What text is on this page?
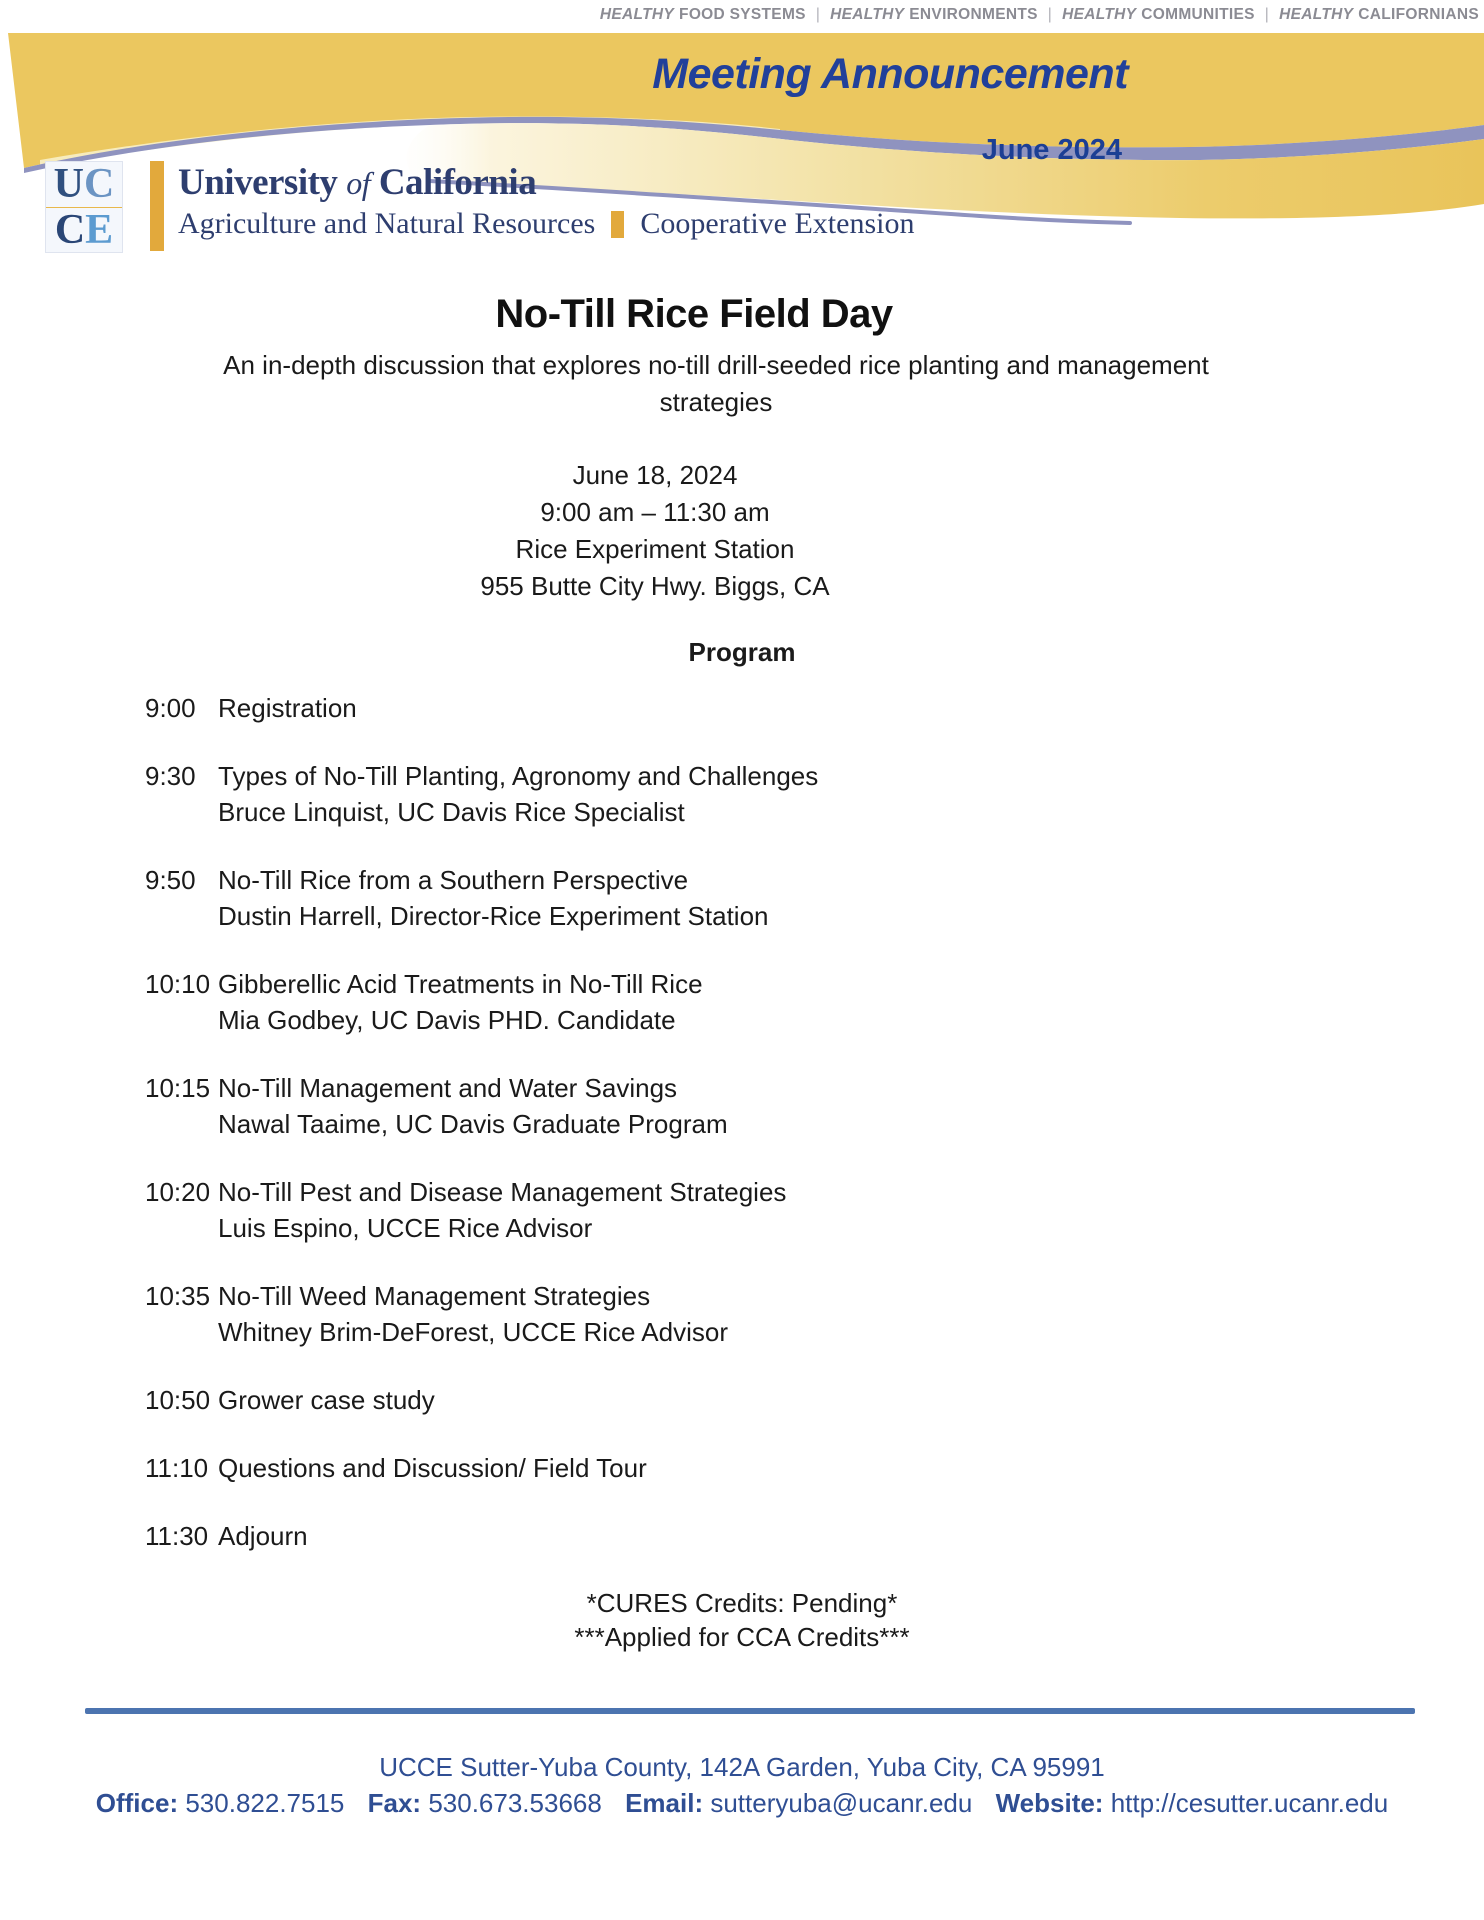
HEALTHY FOOD SYSTEMS | HEALTHY ENVIRONMENTS | HEALTHY COMMUNITIES | HEALTHY CALIFORNIANS
Meeting Announcement
June 2024
UC
CE
University of California
Agriculture and Natural Resources Cooperative Extension
No-Till Rice Field Day
An in-depth discussion that explores no-till drill-seeded rice planting and management strategies
June 18, 2024
9:00 am – 11:30 am
Rice Experiment Station
955 Butte City Hwy. Biggs, CA
Program
9:00 Registration
9:30 Types of No-Till Planting, Agronomy and Challenges
Bruce Linquist, UC Davis Rice Specialist
9:50 No-Till Rice from a Southern Perspective
Dustin Harrell, Director-Rice Experiment Station
10:10 Gibberellic Acid Treatments in No-Till Rice
Mia Godbey, UC Davis PHD. Candidate
10:15 No-Till Management and Water Savings
Nawal Taaime, UC Davis Graduate Program
10:20 No-Till Pest and Disease Management Strategies
Luis Espino, UCCE Rice Advisor
10:35 No-Till Weed Management Strategies
Whitney Brim-DeForest, UCCE Rice Advisor
10:50 Grower case study
11:10 Questions and Discussion/ Field Tour
11:30 Adjourn
*CURES Credits: Pending*
***Applied for CCA Credits***
UCCE Sutter-Yuba County, 142A Garden, Yuba City, CA 95991
Office: 530.822.7515 Fax: 530.673.53668 Email: sutteryuba@ucanr.edu Website: http://cesutter.ucanr.edu
